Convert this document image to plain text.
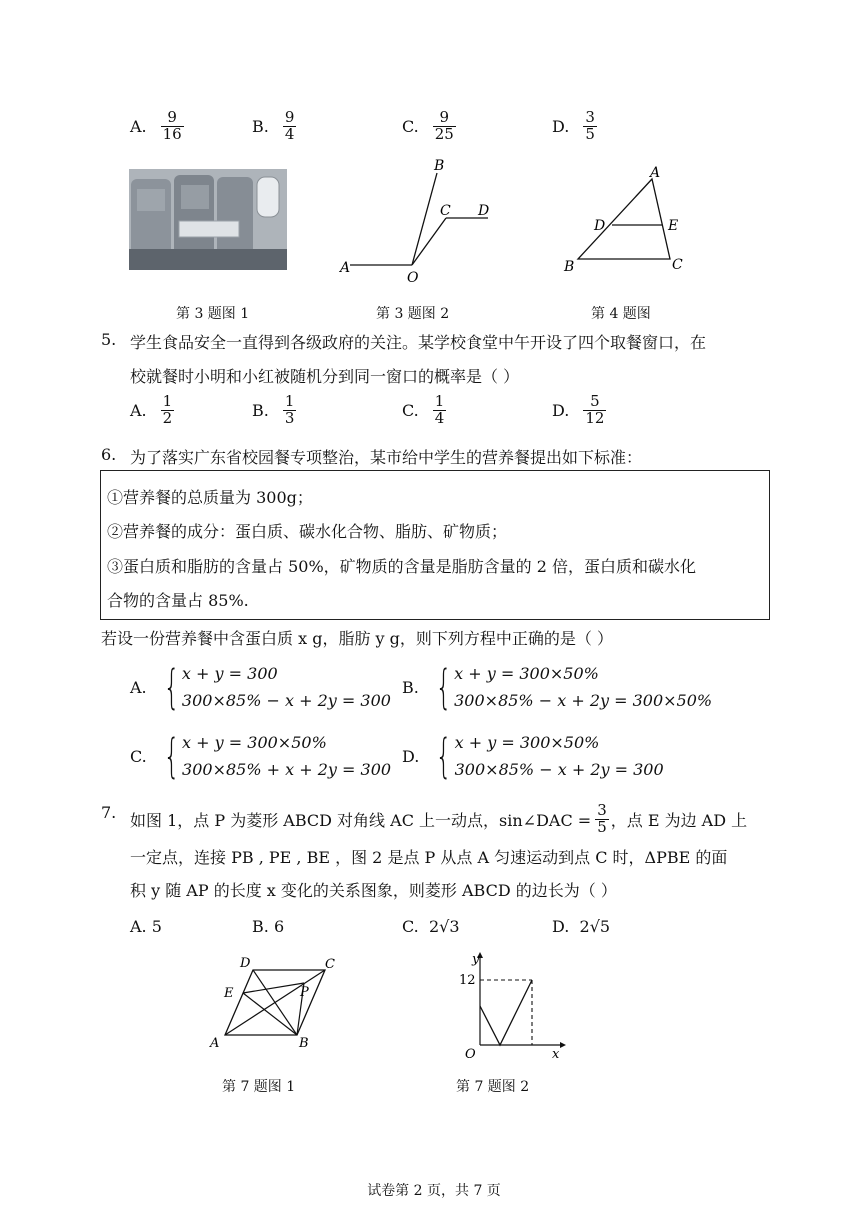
A. $\frac{9}{16}$	B. $\frac{9}{4}$	C. $\frac{9}{25}$	D. $\frac{3}{5}$
A
O
B
C D
A
B	C
D	E
第 3 题图 1	第 3 题图 2	第 4 题图
5. 学生食品安全一直得到各级政府的关注。某学校食堂中午开设了四个取餐窗口，在
校就餐时小明和小红被随机分到同一窗口的概率是（ ）
A. $\frac{1}{2}$	B. $\frac{1}{3}$	C. $\frac{1}{4}$	D. $\frac{5}{12}$
6. 为了落实广东省校园餐专项整治，某市给中学生的营养餐提出如下标准：
①营养餐的总质量为 300g；
②营养餐的成分：蛋白质、碳水化合物、脂肪、矿物质；
③蛋白质和脂肪的含量占 50%，矿物质的含量是脂肪含量的 2 倍，蛋白质和碳水化
合物的含量占 85%.
若设一份营养餐中含蛋白质 x g，脂肪 y g，则下列方程中正确的是（ ）
A. { x + y = 300
300×85% − x + 2y = 300
B. { x + y = 300×50%
300×85% − x + 2y = 300×50%
C. { x + y = 300×50%
300×85% + x + 2y = 300
D. { x + y = 300×50%
300×85% − x + 2y = 300
7. 如图 1，点 P 为菱形 ABCD 对角线 AC 上一动点，sin∠DAC = $\frac{3}{5}$ ，点 E 为边 AD 上
一定点，连接 PB , PE , BE ，图 2 是点 P 从点 A 匀速运动到点 C 时，ΔPBE 的面
积 y 随 AP 的长度 x 变化的关系图象，则菱形 ABCD 的边长为（ ）
A.
5	B.
6	C.
2√3	D.
2√5
A	B
C
D
E	P
第 7 题图 1
y
x
O
12
第 7 题图 2
试卷第 2 页，共 7 页
